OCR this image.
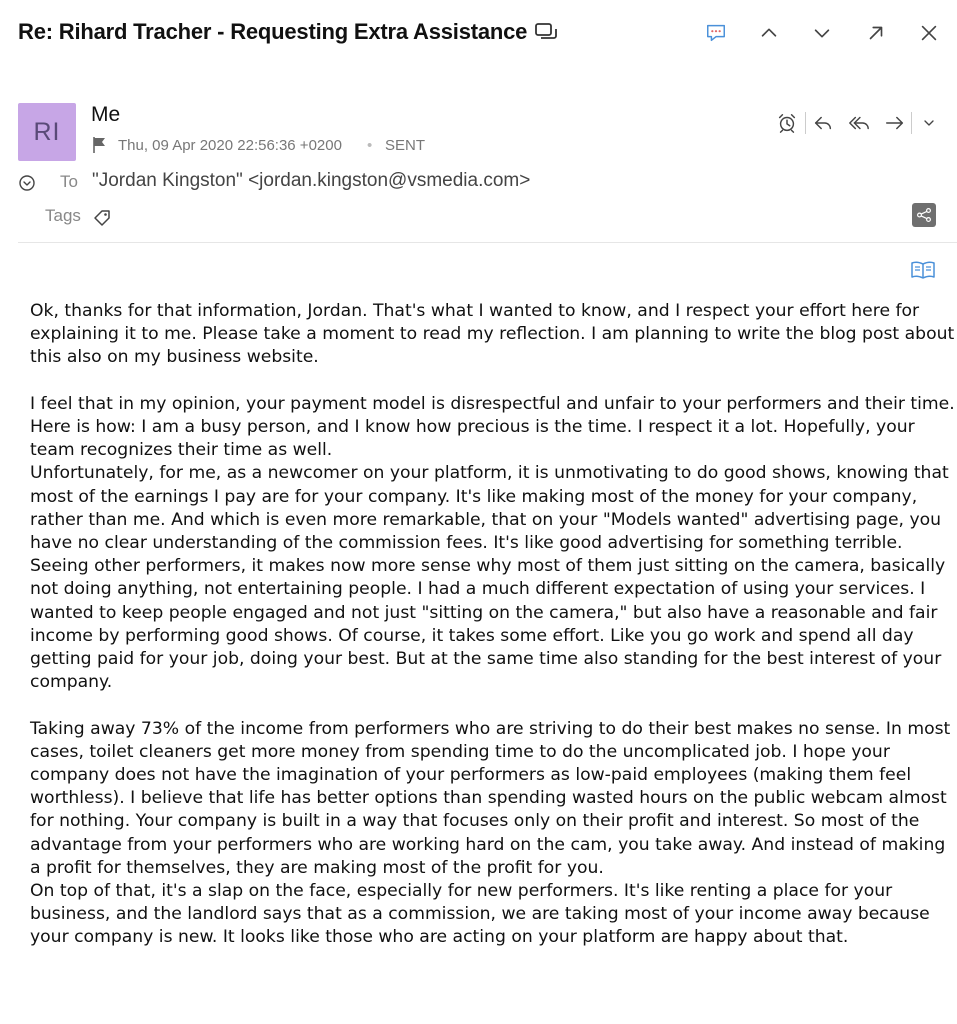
Re: Rihard Tracher - Requesting Extra Assistance
RI
Me
Thu, 09 Apr 2020 22:56:36 +0200 • SENT
To "Jordan Kingston" <jordan.kingston@vsmedia.com>
Tags

Ok, thanks for that information, Jordan. That's what I wanted to know, and I respect your effort here for explaining it to me. Please take a moment to read my reflection. I am planning to write the blog post about this also on my business website.

I feel that in my opinion, your payment model is disrespectful and unfair to your performers and their time. Here is how: I am a busy person, and I know how precious is the time. I respect it a lot. Hopefully, your team recognizes their time as well.

Unfortunately, for me, as a newcomer on your platform, it is unmotivating to do good shows, knowing that most of the earnings I pay are for your company. It's like making most of the money for your company, rather than me. And which is even more remarkable, that on your "Models wanted" advertising page, you have no clear understanding of the commission fees. It's like good advertising for something terrible.

Seeing other performers, it makes now more sense why most of them just sitting on the camera, basically not doing anything, not entertaining people. I had a much different expectation of using your services. I wanted to keep people engaged and not just "sitting on the camera," but also have a reasonable and fair income by performing good shows. Of course, it takes some effort. Like you go work and spend all day getting paid for your job, doing your best. But at the same time also standing for the best interest of your company.

Taking away 73% of the income from performers who are striving to do their best makes no sense. In most cases, toilet cleaners get more money from spending time to do the uncomplicated job. I hope your company does not have the imagination of your performers as low-paid employees (making them feel worthless). I believe that life has better options than spending wasted hours on the public webcam almost for nothing. Your company is built in a way that focuses only on their profit and interest. So most of the advantage from your performers who are working hard on the cam, you take away. And instead of making a profit for themselves, they are making most of the profit for you.

On top of that, it's a slap on the face, especially for new performers. It's like renting a place for your business, and the landlord says that as a commission, we are taking most of your income away because your company is new. It looks like those who are acting on your platform are happy about that.
